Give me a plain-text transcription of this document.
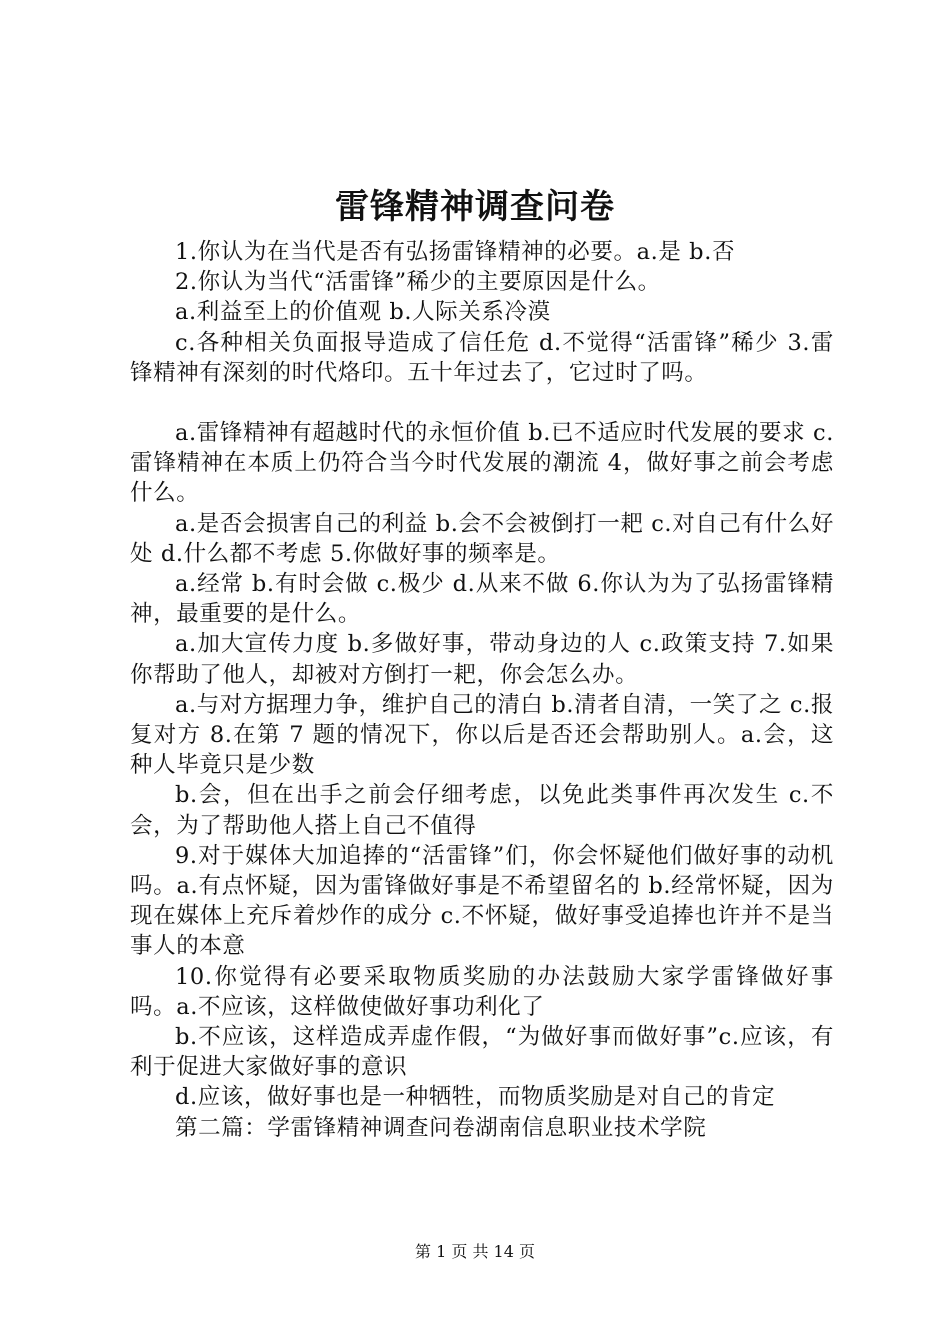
雷锋精神调查问卷

1.你认为在当代是否有弘扬雷锋精神的必要。a.是 b.否

2.你认为当代“活雷锋”稀少的主要原因是什么。

a.利益至上的价值观 b.人际关系冷漠

c.各种相关负面报导造成了信任危 d.不觉得“活雷锋”稀少 3.雷锋精神有深刻的时代烙印。五十年过去了，它过时了吗。

a.雷锋精神有超越时代的永恒价值 b.已不适应时代发展的要求 c.雷锋精神在本质上仍符合当今时代发展的潮流 4，做好事之前会考虑什么。

a.是否会损害自己的利益 b.会不会被倒打一耙 c.对自己有什么好处 d.什么都不考虑 5.你做好事的频率是。

a.经常 b.有时会做 c.极少 d.从来不做 6.你认为为了弘扬雷锋精神，最重要的是什么。

a.加大宣传力度 b.多做好事，带动身边的人 c.政策支持 7.如果你帮助了他人，却被对方倒打一耙，你会怎么办。

a.与对方据理力争，维护自己的清白 b.清者自清，一笑了之 c.报复对方 8.在第 7 题的情况下，你以后是否还会帮助别人。a.会，这种人毕竟只是少数

b.会，但在出手之前会仔细考虑，以免此类事件再次发生 c.不会，为了帮助他人搭上自己不值得

9.对于媒体大加追捧的“活雷锋”们，你会怀疑他们做好事的动机吗。a.有点怀疑，因为雷锋做好事是不希望留名的 b.经常怀疑，因为现在媒体上充斥着炒作的成分 c.不怀疑，做好事受追捧也许并不是当事人的本意

10.你觉得有必要采取物质奖励的办法鼓励大家学雷锋做好事吗。a.不应该，这样做使做好事功利化了

b.不应该，这样造成弄虚作假，“为做好事而做好事”c.应该，有利于促进大家做好事的意识

d.应该，做好事也是一种牺牲，而物质奖励是对自己的肯定

第二篇：学雷锋精神调查问卷湖南信息职业技术学院

第 1 页 共 14 页
